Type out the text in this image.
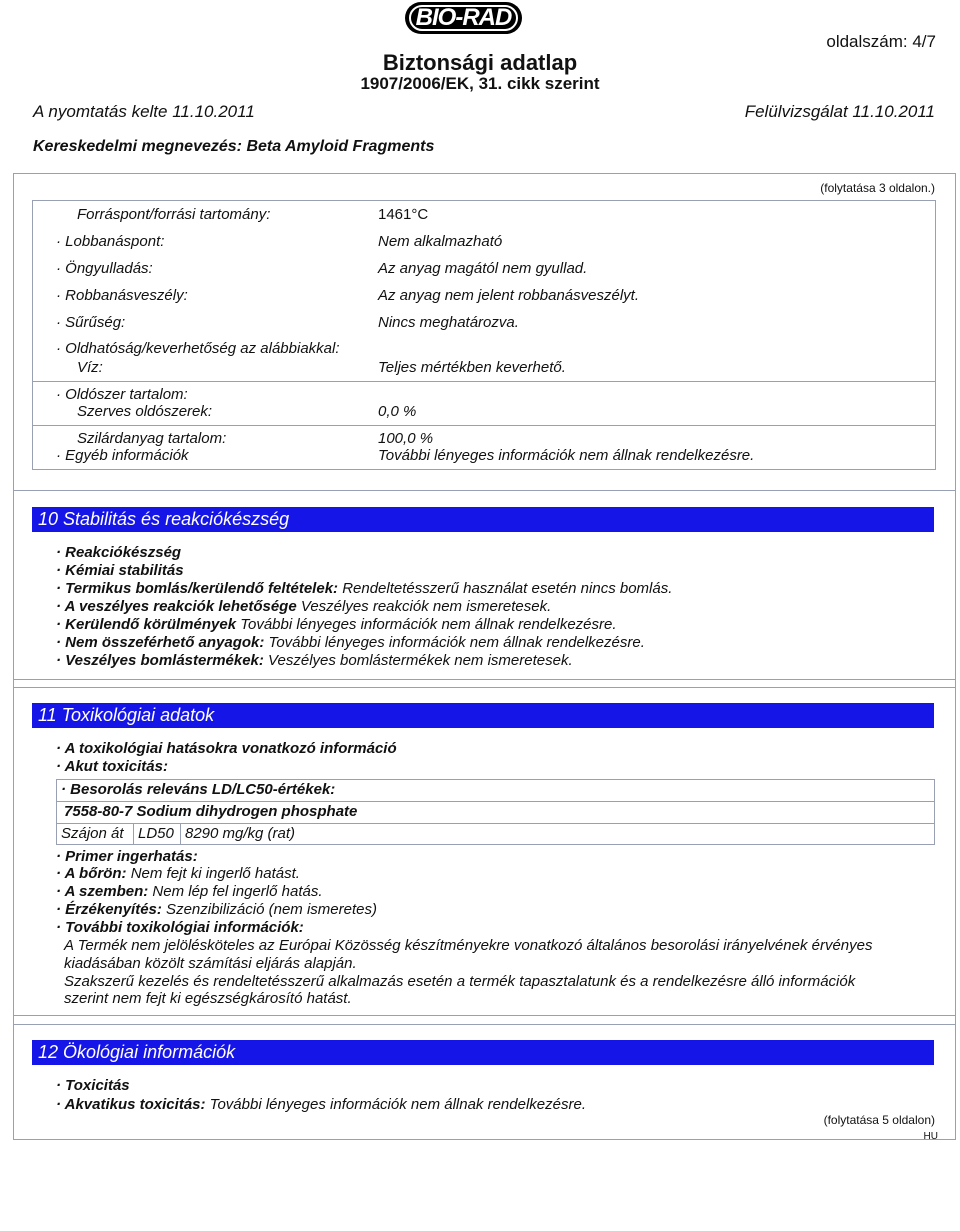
BIO-RAD
oldalszám: 4/7
Biztonsági adatlap
1907/2006/EK, 31. cikk szerint
A nyomtatás kelte 11.10.2011	Felülvizsgálat 11.10.2011
Kereskedelmi megnevezés: Beta Amyloid Fragments
(folytatása 3 oldalon.)
Forráspont/forrási tartomány:	1461°C
· Lobbanáspont:	Nem alkalmazható
· Öngyulladás:	Az anyag magától nem gyullad.
· Robbanásveszély:	Az anyag nem jelent robbanásveszélyt.
· Sűrűség:	Nincs meghatározva.
· Oldhatóság/keverhetőség az alábbiakkal:
Víz:	Teljes mértékben keverhető.
· Oldószer tartalom:
Szerves oldószerek:	0,0 %
Szilárdanyag tartalom:	100,0 %
· Egyéb információk	További lényeges információk nem állnak rendelkezésre.
10 Stabilitás és reakciókészség
· Reakciókészség
· Kémiai stabilitás
· Termikus bomlás/kerülendő feltételek: Rendeltetésszerű használat esetén nincs bomlás.
· A veszélyes reakciók lehetősége Veszélyes reakciók nem ismeretesek.
· Kerülendő körülmények További lényeges információk nem állnak rendelkezésre.
· Nem összeférhető anyagok: További lényeges információk nem állnak rendelkezésre.
· Veszélyes bomlástermékek: Veszélyes bomlástermékek nem ismeretesek.
11 Toxikológiai adatok
· A toxikológiai hatásokra vonatkozó információ
· Akut toxicitás:
· Besorolás releváns LD/LC50-értékek:
7558-80-7 Sodium dihydrogen phosphate
Szájon át LD50 8290 mg/kg (rat)
· Primer ingerhatás:
· A bőrön: Nem fejt ki ingerlő hatást.
· A szemben: Nem lép fel ingerlő hatás.
· Érzékenyítés: Szenzibilizáció (nem ismeretes)
· További toxikológiai információk:
A Termék nem jelölésköteles az Európai Közösség készítményekre vonatkozó általános besorolási irányelvének érvényes
kiadásában közölt számítási eljárás alapján.
Szakszerű kezelés és rendeltetésszerű alkalmazás esetén a termék tapasztalatunk és a rendelkezésre álló információk
szerint nem fejt ki egészségkárosító hatást.
12 Ökológiai információk
· Toxicitás
· Akvatikus toxicitás: További lényeges információk nem állnak rendelkezésre.
(folytatása 5 oldalon)
HU
